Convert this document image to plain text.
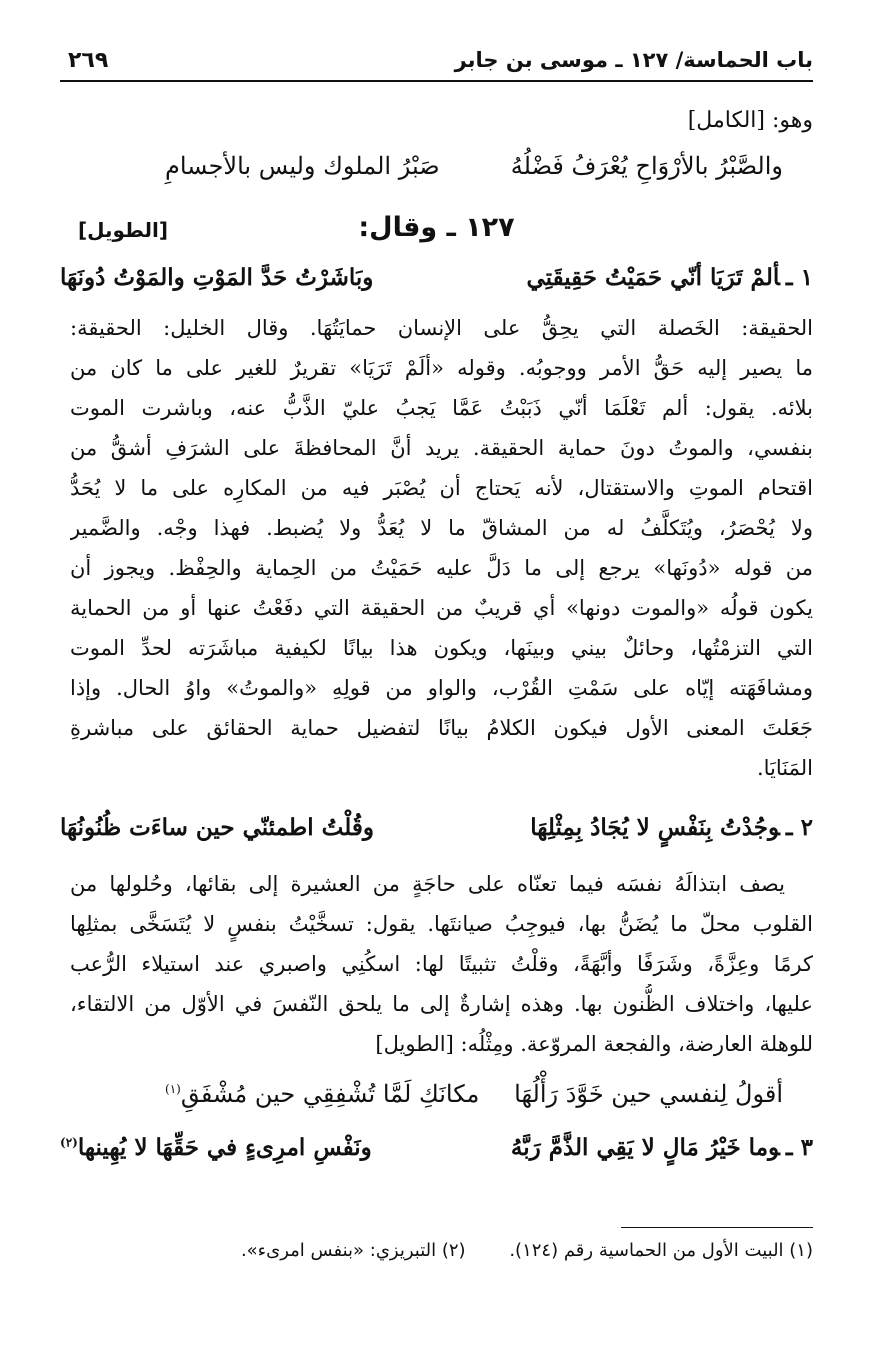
باب الحماسة/ ١٢٧ ـ موسى بن جابر
٢٦٩
وهو: [الكامل]
والصَّبْرُ بالأرْوَاحِ يُعْرَفُ فَضْلُهُ
صَبْرُ الملوك وليس بالأجسامِ
١٢٧ ـ وقال:
[الطويل]
١ ـألمْ تَرَيَا أنّي حَمَيْتُ حَقِيقَتِي
وبَاشَرْتُ حَدَّ المَوْتِ والمَوْتُ دُونَهَا
الحقيقة: الخَصلة التي يحِقُّ على الإنسان حمايَتُهَا. وقال الخليل: الحقيقة:
ما يصير إليه حَقُّ الأمر ووجوبُه. وقوله «ألَمْ تَرَيَا» تقريرٌ للغير على ما كان من
بلائه. يقول: ألم تَعْلَمَا أنّي ذَبَبْتُ عَمَّا يَجبُ عليّ الذَّبُّ عنه، وباشرت الموت
بنفسي، والموتُ دونَ حماية الحقيقة. يريد أنَّ المحافظةَ على الشرَفِ أشقُّ من
اقتحام الموتِ والاستقتال، لأنه يَحتاج أن يُصْبَر فيه من المكارِه على ما لا يُحَدُّ
ولا يُحْصَرُ، ويُتَكلَّفُ له من المشاقّ ما لا يُعَدُّ ولا يُضبط. فهذا وجْه. والضَّمير
من قوله «دُونَها» يرجع إلى ما دَلَّ عليه حَمَيْتُ من الحِماية والحِفْظ. ويجوز أن
يكون قولُه «والموت دونها» أي قريبٌ من الحقيقة التي دفَعْتُ عنها أو من الحماية
التي التزمْتُها، وحائلٌ بيني وبينَها، ويكون هذا بيانًا لكيفية مباشَرَته لحدِّ الموت
ومشافَهَته إيّاه على سَمْتِ القُرْب، والواو من قولِهِ «والموتُ» واوُ الحال. وإذا
جَعَلتَ المعنى الأول فيكون الكلامُ بيانًا لتفضيل حماية الحقائق على مباشرةِ
المَنَايَا.
٢ ـوجُدْتُ بِنَفْسٍ لا يُجَادُ بِمِثْلِهَا
وقُلْتُ اطمئنّي حين ساءَت ظُنُونُهَا
يصف ابتذالَهُ نفسَه فيما تعنّاه على حاجَةٍ من العشيرة إلى بقائها، وحُلولها من
القلوب محلّ ما يُضَنُّ بها، فيوجِبُ صيانتَها. يقول: تسخَّيْتُ بنفسٍ لا يُتَسَخَّى بمثلِها
كرمًا وعِزَّةً، وشَرَفًا وأبَّهَةً، وقلْتُ تثبيتًا لها: اسكُنِي واصبري عند استيلاء الرُّعب
عليها، واختلاف الظُّنون بها. وهذه إشارةٌ إلى ما يلحق النّفسَ في الأوّل من الالتقاء،
للوهلة العارضة، والفجعة المروّعة. ومِثْلُه: [الطويل]
أقولُ لِنفسي حين خَوَّدَ رَأْلُهَا
مكانَكِ لَمَّا تُشْفِقِي حين مُشْفَقِ$^{(١)}$
٣ ـوما خَيْرُ مَالٍ لا يَقِي الذَّمَّ رَبَّهُ
ونَفْسِ امرِىءٍ في حَقِّهَا لا يُهِينها$^{(٢)}$
(١) البيت الأول من الحماسية رقم (١٢٤). (٢) التبريزي: «بنفس امرىء».
